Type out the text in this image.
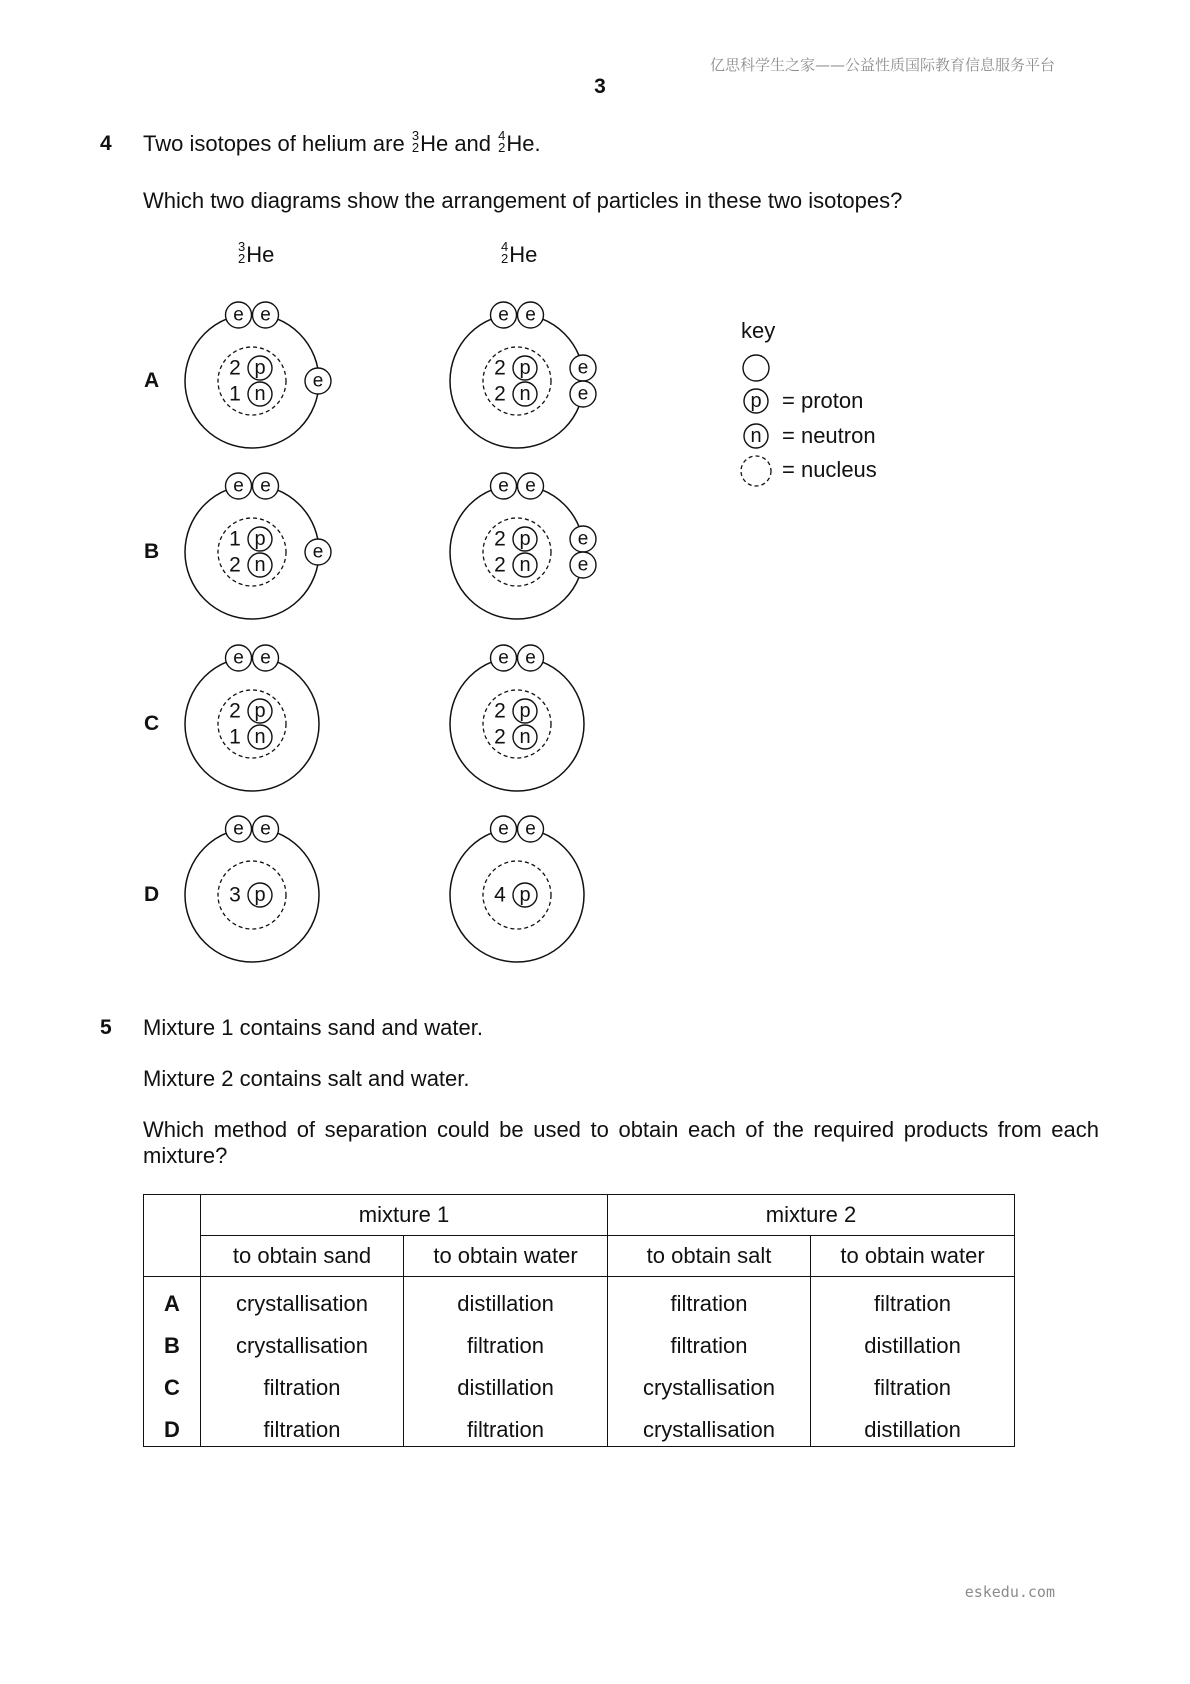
亿思科学生之家——公益性质国际教育信息服务平台
3
4 Two isotopes of helium are 3
2 He and 4
2 He.
Which two diagrams show the arrangement of particles in these two isotopes?
3
2 He	4
2 He
A
B
C
D
2 p
1 n
e e
e
2 p
2 n
e e
e
e
1 p
2 n
e e
e
2 p
2 n
e e
e
e
2 p
1 n
e e
2 p
2 n
e e
3 p
e e
4 p
e e
key
p
n
= proton
= neutron
= nucleus
5 Mixture 1 contains sand and water.
Mixture 2 contains salt and water.
Which method of separation could be used to obtain each of the required products from each mixture?
	mixture 1		mixture 2	
	to obtain sand	to obtain water	to obtain salt	to obtain water
A	crystallisation	distillation	filtration	filtration
B	crystallisation	filtration	filtration	distillation
C	filtration	distillation	crystallisation	filtration
D	filtration	filtration	crystallisation	distillation
eskedu.com
